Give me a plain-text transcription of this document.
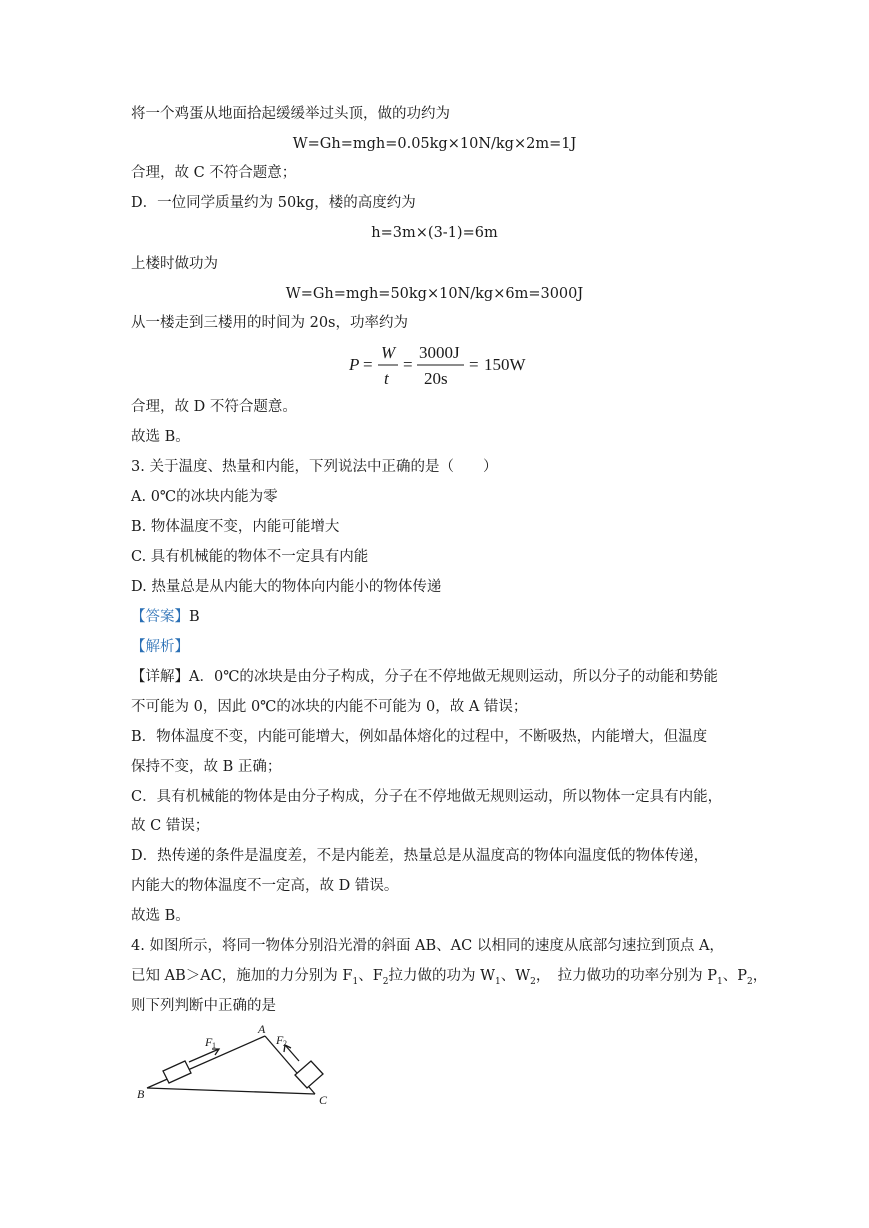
将一个鸡蛋从地面拾起缓缓举过头顶，做的功约为
W=Gh=mgh=0.05kg×10N/kg×2m=1J
合理，故 C 不符合题意；
D．一位同学质量约为 50kg，楼的高度约为
h=3m×(3-1)=6m
上楼时做功为
W=Gh=mgh=50kg×10N/kg×6m=3000J
从一楼走到三楼用的时间为 20s，功率约为
P =
W
t
=
3000J
20s
= 150W
合理，故 D 不符合题意。
故选 B。
3. 关于温度、热量和内能，下列说法中正确的是（　　）
A. 0℃的冰块内能为零
B. 物体温度不变，内能可能增大
C. 具有机械能的物体不一定具有内能
D. 热量总是从内能大的物体向内能小的物体传递
【答案】B
【解析】
【详解】A．0℃的冰块是由分子构成，分子在不停地做无规则运动，所以分子的动能和势能
不可能为 0，因此 0℃的冰块的内能不可能为 0，故 A 错误；
B．物体温度不变，内能可能增大，例如晶体熔化的过程中，不断吸热，内能增大，但温度
保持不变，故 B 正确；
C．具有机械能的物体是由分子构成，分子在不停地做无规则运动，所以物体一定具有内能，
故 C 错误；
D．热传递的条件是温度差，不是内能差，热量总是从温度高的物体向温度低的物体传递，
内能大的物体温度不一定高，故 D 错误。
故选 B。
4. 如图所示，将同一物体分别沿光滑的斜面 AB、AC 以相同的速度从底部匀速拉到顶点 A，
已知 AB＞AC，施加的力分别为 $F_1$、$F_2$拉力做的功为 $W_1$、$W_2$，　拉力做功的功率分别为 $P_1$、$P_2$，
则下列判断中正确的是
A
B	C
F 1	F 2
